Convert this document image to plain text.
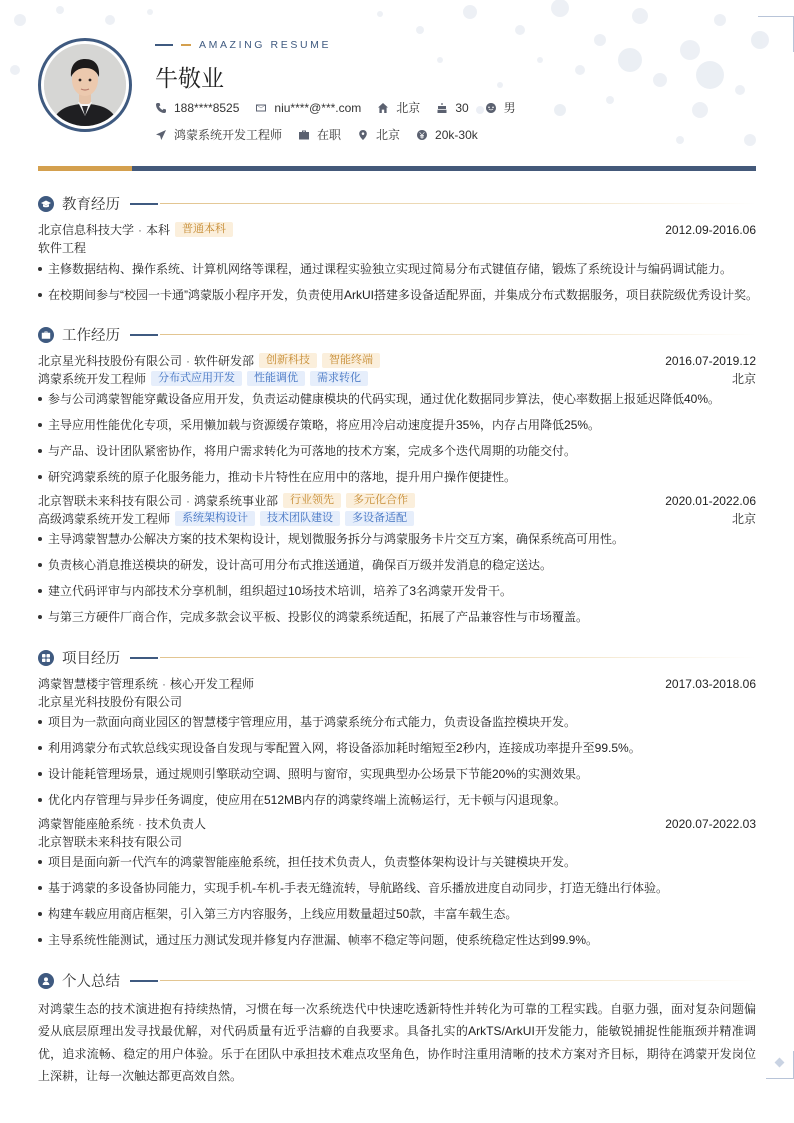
AMAZING RESUME
牛敬业
188****8525	niu****@***.com	北京	30	男
鸿蒙系统开发工程师	在职	北京	20k-30k
教育经历
北京信息科技大学 · 本科	普通本科	2012.09-2016.06
软件工程
主修数据结构、操作系统、计算机网络等课程，通过课程实验独立实现过简易分布式键值存储，锻炼了系统设计与编码调试能力。
在校期间参与“校园一卡通”鸿蒙版小程序开发，负责使用ArkUI搭建多设备适配界面，并集成分布式数据服务，项目获院级优秀设计奖。
工作经历
北京星光科技股份有限公司 · 软件研发部	创新科技	智能终端	2016.07-2019.12
鸿蒙系统开发工程师	分布式应用开发	性能调优	需求转化	北京
参与公司鸿蒙智能穿戴设备应用开发，负责运动健康模块的代码实现，通过优化数据同步算法，使心率数据上报延迟降低40%。
主导应用性能优化专项，采用懒加载与资源缓存策略，将应用冷启动速度提升35%，内存占用降低25%。
与产品、设计团队紧密协作，将用户需求转化为可落地的技术方案，完成多个迭代周期的功能交付。
研究鸿蒙系统的原子化服务能力，推动卡片特性在应用中的落地，提升用户操作便捷性。
北京智联未来科技有限公司 · 鸿蒙系统事业部	行业领先	多元化合作	2020.01-2022.06
高级鸿蒙系统开发工程师	系统架构设计	技术团队建设	多设备适配	北京
主导鸿蒙智慧办公解决方案的技术架构设计，规划微服务拆分与鸿蒙服务卡片交互方案，确保系统高可用性。
负责核心消息推送模块的研发，设计高可用分布式推送通道，确保百万级并发消息的稳定送达。
建立代码评审与内部技术分享机制，组织超过10场技术培训，培养了3名鸿蒙开发骨干。
与第三方硬件厂商合作，完成多款会议平板、投影仪的鸿蒙系统适配，拓展了产品兼容性与市场覆盖。
项目经历
鸿蒙智慧楼宇管理系统 · 核心开发工程师	2017.03-2018.06
北京星光科技股份有限公司
项目为一款面向商业园区的智慧楼宇管理应用，基于鸿蒙系统分布式能力，负责设备监控模块开发。
利用鸿蒙分布式软总线实现设备自发现与零配置入网，将设备添加耗时缩短至2秒内，连接成功率提升至99.5%。
设计能耗管理场景，通过规则引擎联动空调、照明与窗帘，实现典型办公场景下节能20%的实测效果。
优化内存管理与异步任务调度，使应用在512MB内存的鸿蒙终端上流畅运行，无卡顿与闪退现象。
鸿蒙智能座舱系统 · 技术负责人	2020.07-2022.03
北京智联未来科技有限公司
项目是面向新一代汽车的鸿蒙智能座舱系统，担任技术负责人，负责整体架构设计与关键模块开发。
基于鸿蒙的多设备协同能力，实现手机-车机-手表无缝流转，导航路线、音乐播放进度自动同步，打造无缝出行体验。
构建车载应用商店框架，引入第三方内容服务，上线应用数量超过50款，丰富车载生态。
主导系统性能测试，通过压力测试发现并修复内存泄漏、帧率不稳定等问题，使系统稳定性达到99.9%。
个人总结
对鸿蒙生态的技术演进抱有持续热情，习惯在每一次系统迭代中快速吃透新特性并转化为可靠的工程实践。自驱力强，面对复杂问题偏爱从底层原理出发寻找最优解，对代码质量有近乎洁癖的自我要求。具备扎实的ArkTS/ArkUI开发能力，能敏锐捕捉性能瓶颈并精准调优，追求流畅、稳定的用户体验。乐于在团队中承担技术难点攻坚角色，协作时注重用清晰的技术方案对齐目标，期待在鸿蒙开发岗位上深耕，让每一次触达都更高效自然。
